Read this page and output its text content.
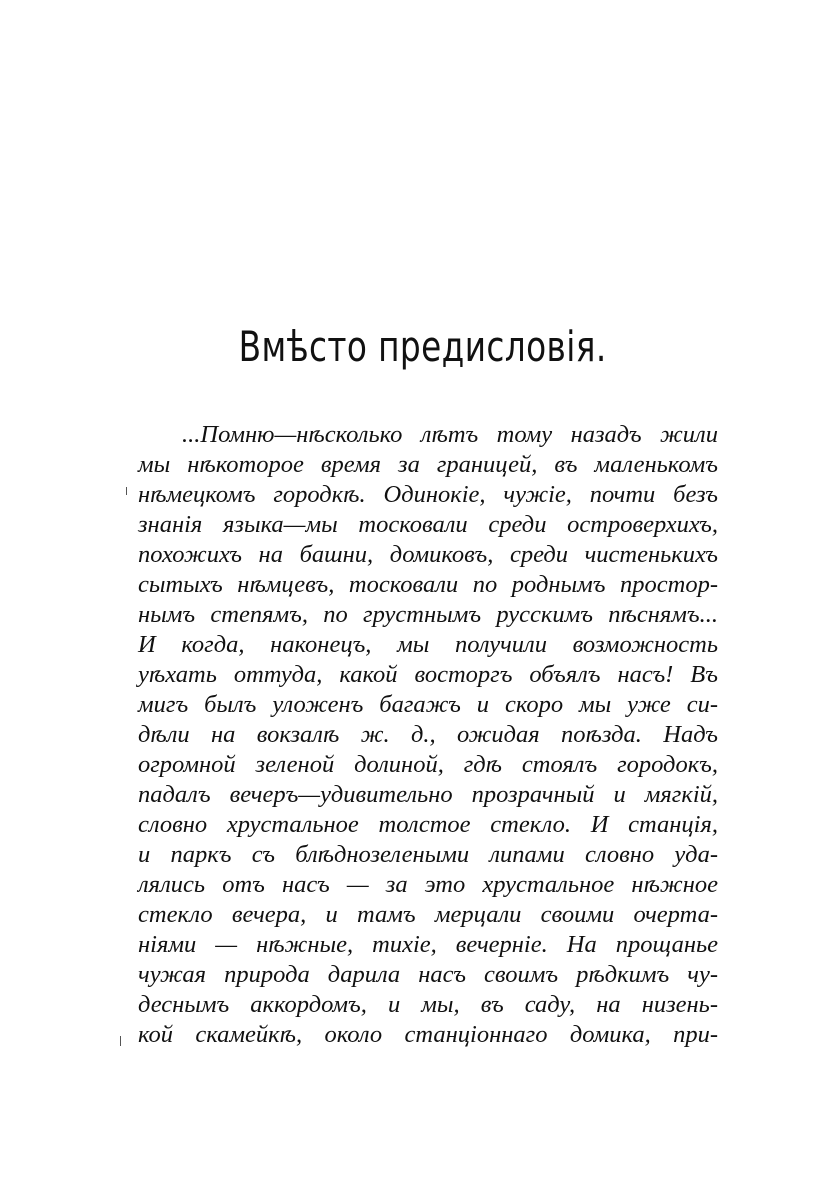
Вмѣсто предисловія.
...Помню—нѣсколько лѣтъ тому назадъ жили
мы нѣкоторое время за границей, въ маленькомъ
нѣмецкомъ городкѣ. Одинокіе, чужіе, почти безъ
знанія языка—мы тосковали среди островерхихъ,
похожихъ на башни, домиковъ, среди чистенькихъ
сытыхъ нѣмцевъ, тосковали по роднымъ простор-
нымъ степямъ, по грустнымъ русскимъ пѣснямъ...
И когда, наконецъ, мы получили возможность
уѣхать оттуда, какой восторгъ объялъ насъ! Въ
мигъ былъ уложенъ багажъ и скоро мы уже си-
дѣли на вокзалѣ ж. д., ожидая поѣзда. Надъ
огромной зеленой долиной, гдѣ стоялъ городокъ,
падалъ вечеръ—удивительно прозрачный и мягкій,
словно хрустальное толстое стекло. И станція,
и паркъ съ блѣднозелеными липами словно уда-
лялись отъ насъ — за это хрустальное нѣжное
стекло вечера, и тамъ мерцали своими очерта-
ніями — нѣжные, тихіе, вечерніе. На прощанье
чужая природа дарила насъ своимъ рѣдкимъ чу-
деснымъ аккордомъ, и мы, въ саду, на низень-
кой скамейкѣ, около станціоннаго домика, при-
